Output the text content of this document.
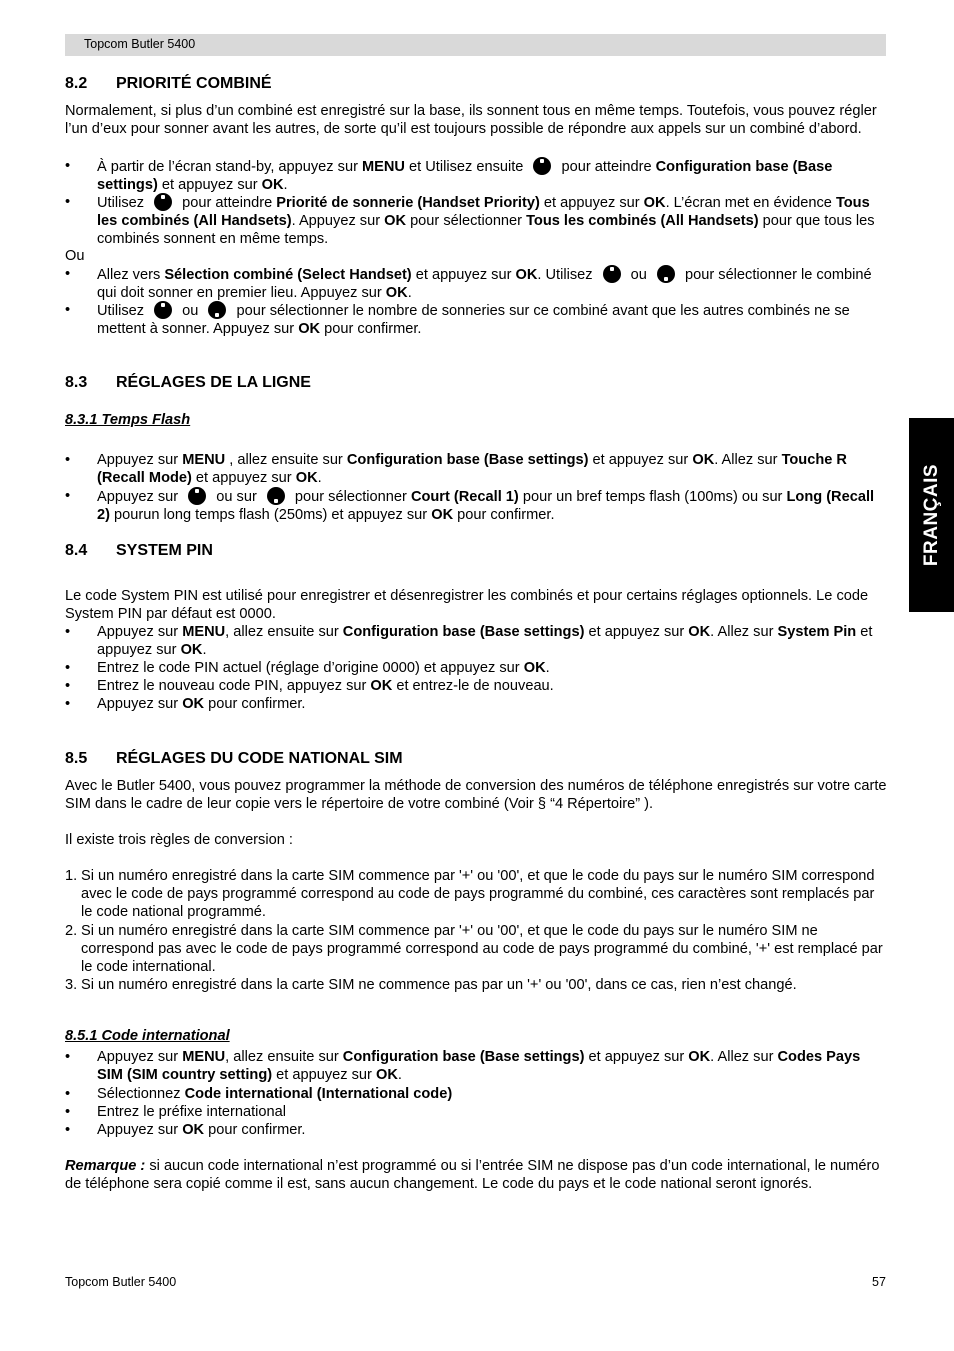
Topcom Butler 5400
FRANÇAIS
8.2 PRIORITÉ COMBINÉ
Normalement, si plus d’un combiné est enregistré sur la base, ils sonnent tous en même temps. Toutefois, vous pouvez régler l’un d’eux pour sonner avant les autres, de sorte qu’il est toujours possible de répondre aux appels sur un combiné d’abord.
• À partir de l’écran stand-by, appuyez sur MENU et Utilisez ensuite  pour atteindre Configuration base (Base settings) et appuyez sur OK.
• Utilisez  pour atteindre Priorité de sonnerie (Handset Priority) et appuyez sur OK. L’écran met en évidence Tous les combinés (All Handsets). Appuyez sur OK pour sélectionner Tous les combinés (All Handsets) pour que tous les combinés sonnent en même temps.
Ou
• Allez vers Sélection combiné (Select Handset) et appuyez sur OK. Utilisez  ou  pour sélectionner le combiné qui doit sonner en premier lieu. Appuyez sur OK.
• Utilisez  ou  pour sélectionner le nombre de sonneries sur ce combiné avant que les autres combinés ne se mettent à sonner. Appuyez sur OK pour confirmer.
8.3 RÉGLAGES DE LA LIGNE
8.3.1 Temps Flash
• Appuyez sur MENU , allez ensuite sur Configuration base (Base settings) et appuyez sur OK. Allez sur Touche R (Recall Mode) et appuyez sur OK.
• Appuyez sur  ou sur  pour sélectionner Court (Recall 1) pour un bref temps flash (100ms) ou sur Long (Recall 2) pourun long temps flash (250ms) et appuyez sur OK pour confirmer.
8.4 SYSTEM PIN
Le code System PIN est utilisé pour enregistrer et désenregistrer les combinés et pour certains réglages optionnels. Le code System PIN par défaut est 0000.
• Appuyez sur MENU, allez ensuite sur Configuration base (Base settings) et appuyez sur OK. Allez sur System Pin et appuyez sur OK.
• Entrez le code PIN actuel (réglage d’origine 0000) et appuyez sur OK.
• Entrez le nouveau code PIN, appuyez sur OK et entrez-le de nouveau.
• Appuyez sur OK pour confirmer.
8.5 RÉGLAGES DU CODE NATIONAL SIM
Avec le Butler 5400, vous pouvez programmer la méthode de conversion des numéros de téléphone enregistrés sur votre carte SIM dans le cadre de leur copie vers le répertoire de votre combiné (Voir § “4 Répertoire” ).
Il existe trois règles de conversion :
1. Si un numéro enregistré dans la carte SIM commence par '+' ou '00', et que le code du pays sur le numéro SIM correspond avec le code de pays programmé correspond au code de pays programmé du combiné, ces caractères sont remplacés par le code national programmé.
2. Si un numéro enregistré dans la carte SIM commence par '+' ou '00', et que le code du pays sur le numéro SIM ne correspond pas avec le code de pays programmé correspond au code de pays programmé du combiné, '+' est remplacé par le code international.
3. Si un numéro enregistré dans la carte SIM ne commence pas par un '+' ou '00', dans ce cas, rien n’est changé.
8.5.1 Code international
• Appuyez sur MENU, allez ensuite sur Configuration base (Base settings) et appuyez sur OK. Allez sur Codes Pays SIM (SIM country setting) et appuyez sur OK.
• Sélectionnez Code international (International code)
• Entrez le préfixe international
• Appuyez sur OK pour confirmer.
Remarque : si aucun code international n’est programmé ou si l’entrée SIM ne dispose pas d’un code international, le numéro de téléphone sera copié comme il est, sans aucun changement. Le code du pays et le code national seront ignorés.
Topcom Butler 5400	57
